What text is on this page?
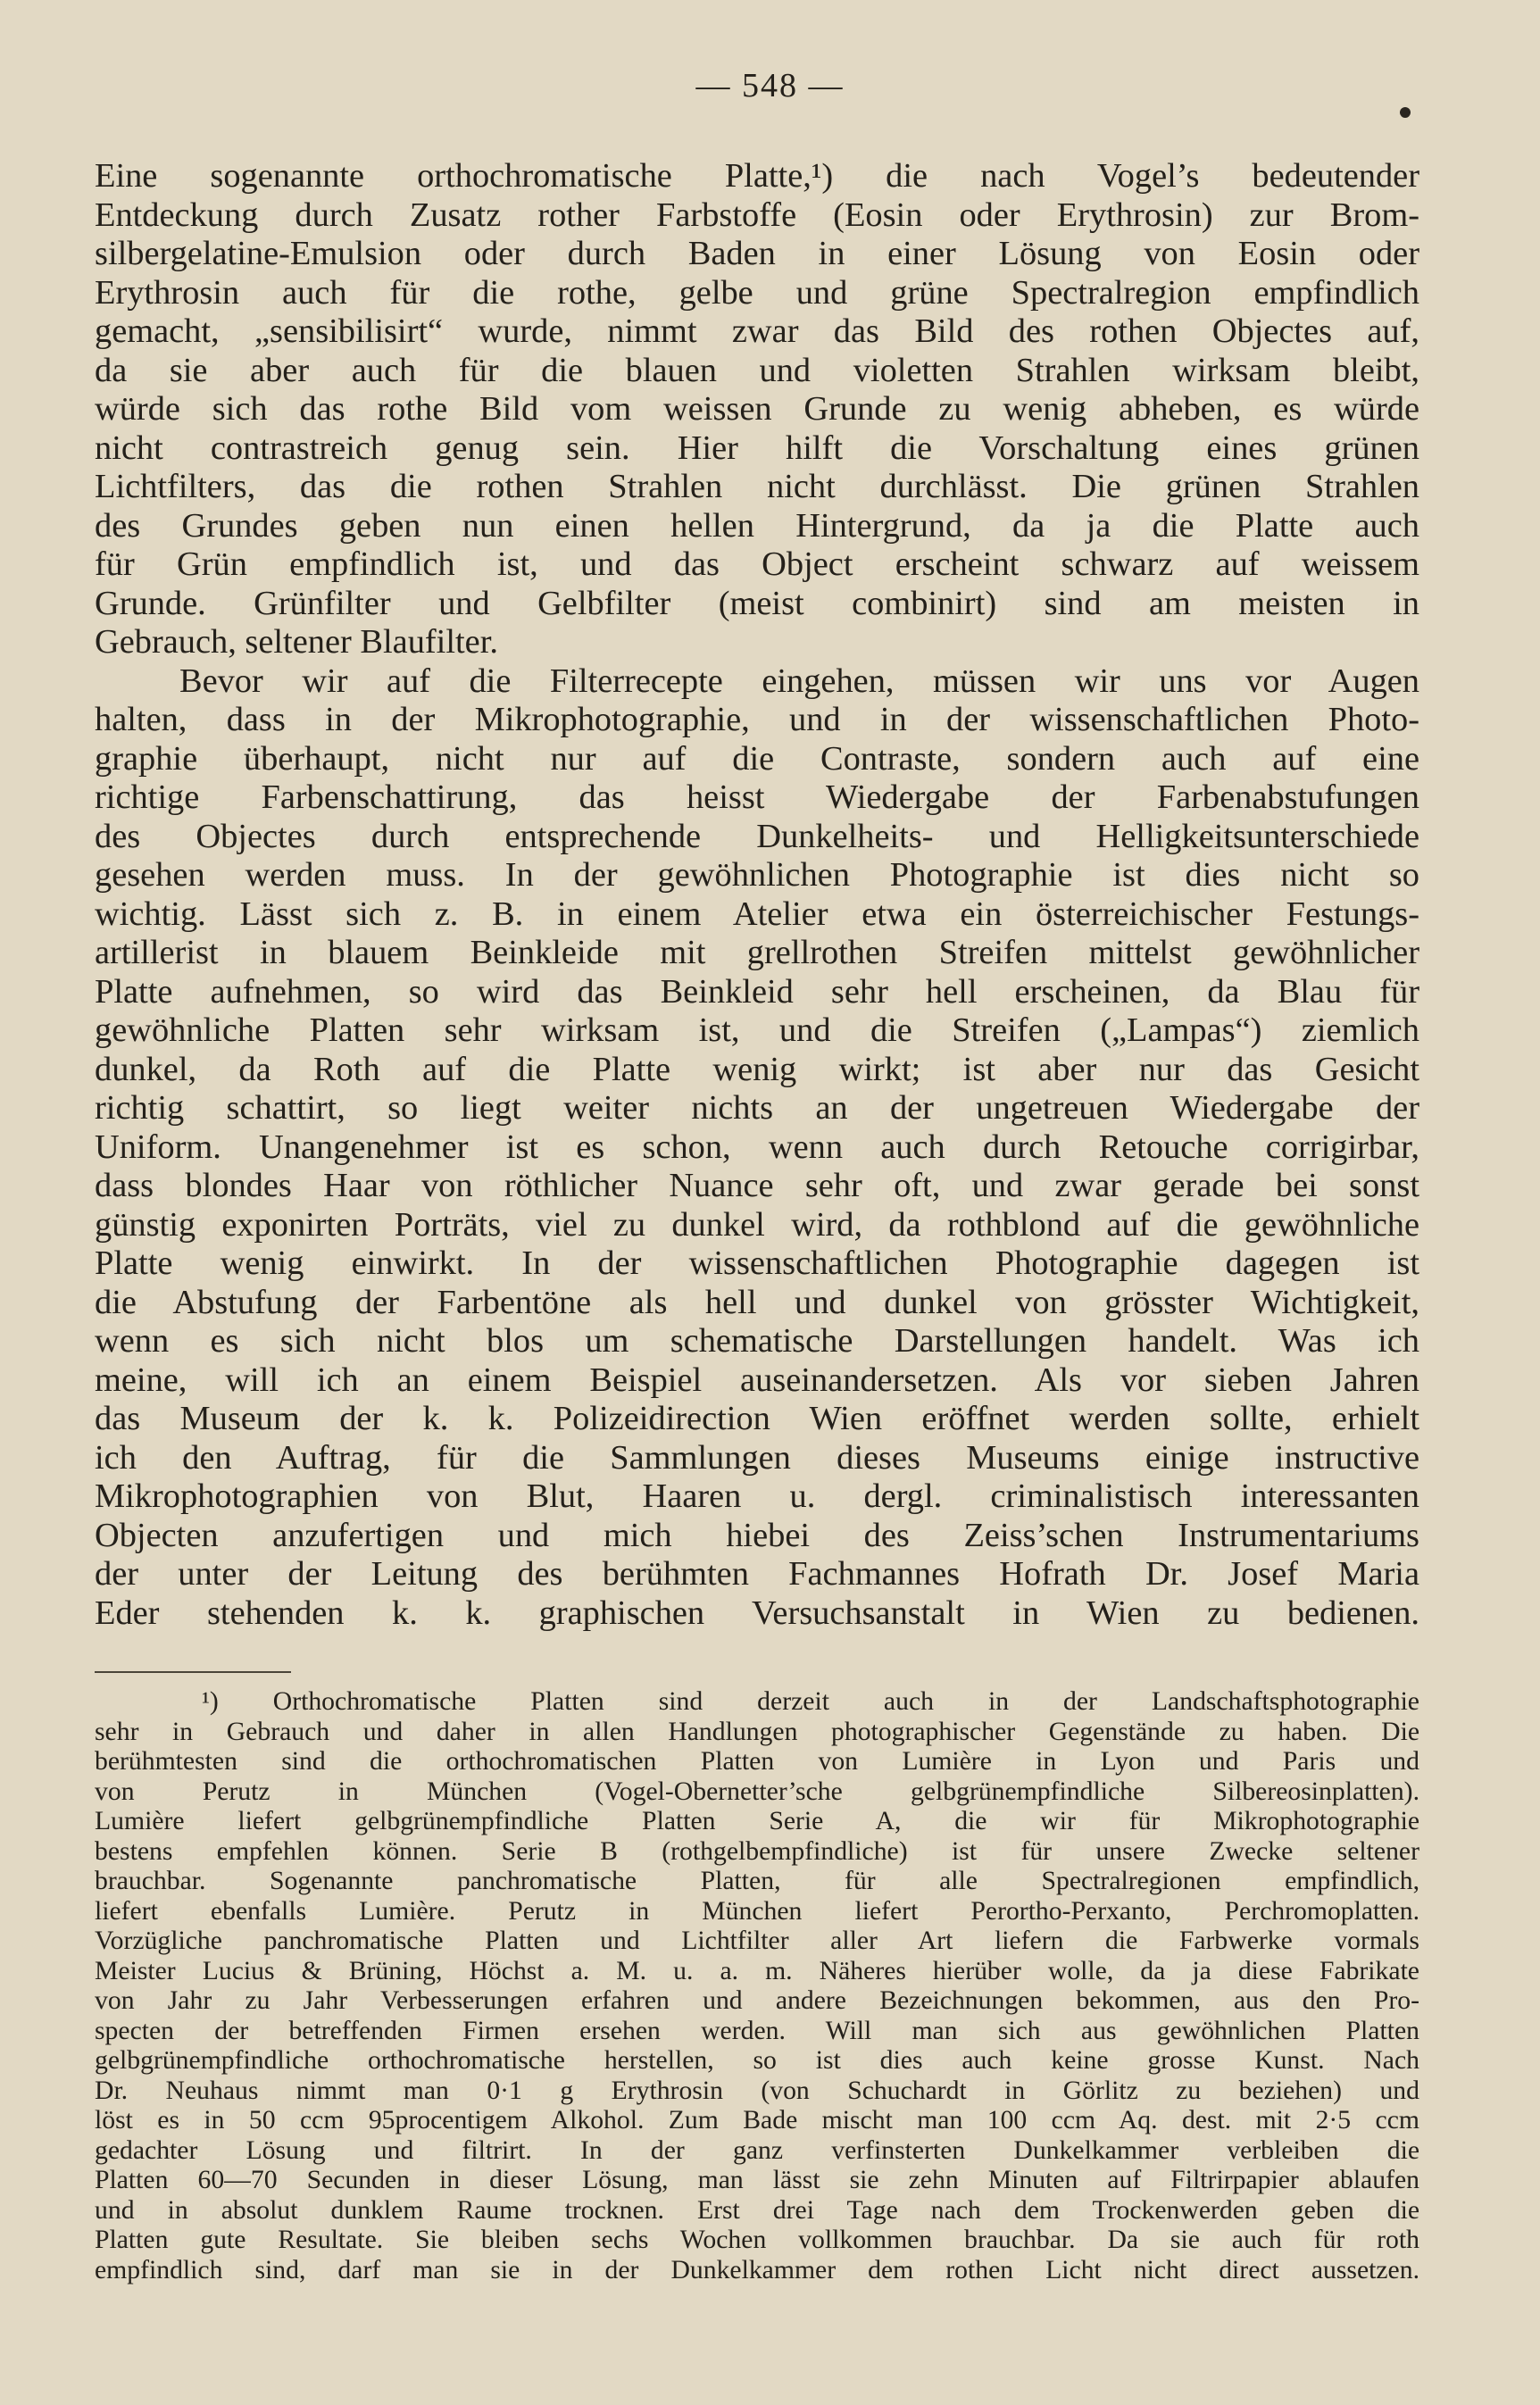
— 548 —
Eine sogenannte orthochromatische Platte,¹) die nach Vogel’s bedeutender
Entdeckung durch Zusatz rother Farbstoffe (Eosin oder Erythrosin) zur Brom-
silbergelatine-Emulsion oder durch Baden in einer Lösung von Eosin oder
Erythrosin auch für die rothe, gelbe und grüne Spectralregion empfindlich
gemacht, „sensibilisirt“ wurde, nimmt zwar das Bild des rothen Objectes auf,
da sie aber auch für die blauen und violetten Strahlen wirksam bleibt,
würde sich das rothe Bild vom weissen Grunde zu wenig abheben, es würde
nicht contrastreich genug sein. Hier hilft die Vorschaltung eines grünen
Lichtfilters, das die rothen Strahlen nicht durchlässt. Die grünen Strahlen
des Grundes geben nun einen hellen Hintergrund, da ja die Platte auch
für Grün empfindlich ist, und das Object erscheint schwarz auf weissem
Grunde. Grünfilter und Gelbfilter (meist combinirt) sind am meisten in
Gebrauch, seltener Blaufilter.
Bevor wir auf die Filterrecepte eingehen, müssen wir uns vor Augen
halten, dass in der Mikrophotographie, und in der wissenschaftlichen Photo-
graphie überhaupt, nicht nur auf die Contraste, sondern auch auf eine
richtige Farbenschattirung, das heisst Wiedergabe der Farbenabstufungen
des Objectes durch entsprechende Dunkelheits- und Helligkeitsunterschiede
gesehen werden muss. In der gewöhnlichen Photographie ist dies nicht so
wichtig. Lässt sich z. B. in einem Atelier etwa ein österreichischer Festungs-
artillerist in blauem Beinkleide mit grellrothen Streifen mittelst gewöhnlicher
Platte aufnehmen, so wird das Beinkleid sehr hell erscheinen, da Blau für
gewöhnliche Platten sehr wirksam ist, und die Streifen („Lampas“) ziemlich
dunkel, da Roth auf die Platte wenig wirkt; ist aber nur das Gesicht
richtig schattirt, so liegt weiter nichts an der ungetreuen Wiedergabe der
Uniform. Unangenehmer ist es schon, wenn auch durch Retouche corrigirbar,
dass blondes Haar von röthlicher Nuance sehr oft, und zwar gerade bei sonst
günstig exponirten Porträts, viel zu dunkel wird, da rothblond auf die gewöhnliche
Platte wenig einwirkt. In der wissenschaftlichen Photographie dagegen ist
die Abstufung der Farbentöne als hell und dunkel von grösster Wichtigkeit,
wenn es sich nicht blos um schematische Darstellungen handelt. Was ich
meine, will ich an einem Beispiel auseinandersetzen. Als vor sieben Jahren
das Museum der k. k. Polizeidirection Wien eröffnet werden sollte, erhielt
ich den Auftrag, für die Sammlungen dieses Museums einige instructive
Mikrophotographien von Blut, Haaren u. dergl. criminalistisch interessanten
Objecten anzufertigen und mich hiebei des Zeiss’schen Instrumentariums
der unter der Leitung des berühmten Fachmannes Hofrath Dr. Josef Maria
Eder stehenden k. k. graphischen Versuchsanstalt in Wien zu bedienen.
¹) Orthochromatische Platten sind derzeit auch in der Landschaftsphotographie
sehr in Gebrauch und daher in allen Handlungen photographischer Gegenstände zu haben. Die
berühmtesten sind die orthochromatischen Platten von Lumière in Lyon und Paris und
von Perutz in München (Vogel-Obernetter’sche gelbgrünempfindliche Silbereosinplatten).
Lumière liefert gelbgrünempfindliche Platten Serie A, die wir für Mikrophotographie
bestens empfehlen können. Serie B (rothgelbempfindliche) ist für unsere Zwecke seltener
brauchbar. Sogenannte panchromatische Platten, für alle Spectralregionen empfindlich,
liefert ebenfalls Lumière. Perutz in München liefert Perortho-Perxanto, Perchromoplatten.
Vorzügliche panchromatische Platten und Lichtfilter aller Art liefern die Farbwerke vormals
Meister Lucius & Brüning, Höchst a. M. u. a. m. Näheres hierüber wolle, da ja diese Fabrikate
von Jahr zu Jahr Verbesserungen erfahren und andere Bezeichnungen bekommen, aus den Pro-
specten der betreffenden Firmen ersehen werden. Will man sich aus gewöhnlichen Platten
gelbgrünempfindliche orthochromatische herstellen, so ist dies auch keine grosse Kunst. Nach
Dr. Neuhaus nimmt man 0·1 g Erythrosin (von Schuchardt in Görlitz zu beziehen) und
löst es in 50 ccm 95procentigem Alkohol. Zum Bade mischt man 100 ccm Aq. dest. mit 2·5 ccm
gedachter Lösung und filtrirt. In der ganz verfinsterten Dunkelkammer verbleiben die
Platten 60—70 Secunden in dieser Lösung, man lässt sie zehn Minuten auf Filtrirpapier ablaufen
und in absolut dunklem Raume trocknen. Erst drei Tage nach dem Trockenwerden geben die
Platten gute Resultate. Sie bleiben sechs Wochen vollkommen brauchbar. Da sie auch für roth
empfindlich sind, darf man sie in der Dunkelkammer dem rothen Licht nicht direct aussetzen.
